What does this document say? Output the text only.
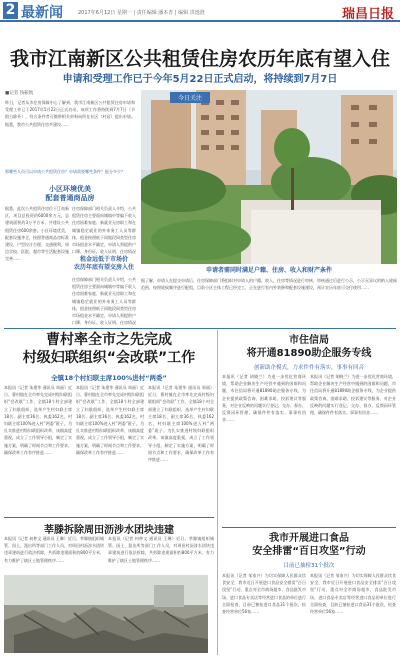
2 最新闻	2017年6月12日 星期一 | 责任编辑 潘本青 | 编辑 洪逸澄	瑞昌日报
我市江南新区公共租赁住房农历年底有望入住
申请和受理工作已于今年5月22日正式启动，将持续到7月7日
■记者 钱振航
昨日，记者从市住房保障中心了解到，我市江南新区公共租赁住房申请和受理工作已于2017年5月22日正式启动，该项工作将持续到7月7日（节假日除外），符合条件者可携带相关材料向所在社区（村居）提出申请。据悉，我市公共租赁住房共建设……
那哪些人员可以申请公共租赁住房？申请需要哪些条件？能分多少？
小区环境优美
配套普通商品房
据悉，此次公共租赁住房位于江南新区，项目总投资约6000余万元，总建筑面积约3万平方米，共建设公共租赁住房600余套。小区环境优美，配套设施齐全，按照普通商品房标准建设，户型设计合理，交通便利，周边学校、医院、超市等生活配套设施完善……
住房保障部门相关负责人介绍，公共租赁住房主要面向城镇中等偏下收入住房困难家庭、新就业无房职工和在城镇稳定就业的外来务工人员等群体，租金按照低于同地段同类型住房市场租金水平确定，申请人须提供户口簿、身份证、收入证明、住房情况
租金远低于市场价
农历年底有望交房入住
住房保障部门相关负责人介绍，公共租赁住房主要面向城镇中等偏下收入住房困难家庭、新就业无房职工和在城镇稳定就业的外来务工人员等群体，租金按照低于同地段同类型住房市场租金水平确定，申请人须提供户口簿、身份证、收入证明、住房情况
据了解，申请人在提交申请后，住房保障部门将组织对申请人的户籍、收入、住房等情况进行审核，审核通过后进行公示，公示无异议的纳入轮候范围，按照轮候顺序进行配租，目前小区主体工程已经完工，正在进行室内外装修和配套设施建设，预计农历年底可交付使用……
今日关注
申请者需同时满足户籍、住房、收入和财产条件
曹村率全市之先完成
村级妇联组织“会改联”工作
全镇18个村妇联主席100%进村“两委”
本报讯（记者 朱建华 通讯员 周丽）近日，曹村镇在全市率先完成村级妇联组织“会改联”工作，全镇18个村全部建立了妇联组织，选举产生村妇联主席18名、副主席36名、执委162名，村妇联主席100%进入村“两委”班子。为扎实推进村级妇联组织改革，该镇高度重视，成立了工作领导小组，制定了实施方案，明确了时间节点和工作要求，确保改革工作有序推进……
本报讯（记者 朱建华 通讯员 周丽）近日，曹村镇在全市率先完成村级妇联组织“会改联”工作，全镇18个村全部建立了妇联组织，选举产生村妇联主席18名、副主席36名、执委162名，村妇联主席100%进入村“两委”班子。为扎实推进村级妇联组织改革，该镇高度重视，成立了工作领导小组，制定了实施方案，明确了时间节点和工作要求，确保改革工作有序推进……
本报讯（记者 朱建华 通讯员 周丽）近日，曹村镇在全市率先完成村级妇联组织“会改联”工作，全镇18个村全部建立了妇联组织，选举产生村妇联主席18名、副主席36名、执委162名，村妇联主席100%进入村“两委”班子。为扎实推进村级妇联组织改革，该镇高度重视，成立了工作领导小组，制定了实施方案，明确了时间节点和工作要求，确保改革工作有序推进……
莘滕拆除周田沥涉水团块违建
本报讯（记者 何仲文 通讯员 王琳）近日，莘滕镇组织城管、国土、派出所等部门工作人员，对周田村沥涉水团块违章建筑进行依法拆除，共拆除违建面积约800平方米，有力维护了辖区土地管理秩序……
本报讯（记者 何仲文 通讯员 王琳）近日，莘滕镇组织城管、国土、派出所等部门工作人员，对周田村沥涉水团块违章建筑进行依法拆除，共拆除违建面积约800平方米，有力维护了辖区土地管理秩序……
市住信局
将开通81890助企服务专线
创新助企模式，力求件件有落实，事事有回音
本报讯（记者 胡晓兰）为进一步优化营商环境，帮助企业解决生产经营中遇到的困难和问题，市住信局将开通81890助企服务专线，为企业提供政策咨询、困难求助、投诉建议等服务，对企业反映的问题实行登记、交办、督办、反馈闭环管理，确保件件有落实、事事有回音……
本报讯（记者 胡晓兰）为进一步优化营商环境，帮助企业解决生产经营中遇到的困难和问题，市住信局将开通81890助企服务专线，为企业提供政策咨询、困难求助、投诉建议等服务，对企业反映的问题实行登记、交办、督办、反馈闭环管理，确保件件有落实、事事有回音……
我市开展进口食品
安全排雷“百日攻坚”行动
目前已抽检31个批次
本报讯（记者 邹家兴）为切实保障人民群众饮食安全，我市近日开展进口食品安全排雷“百日攻坚”行动，重点对全市商场超市、食品批发市场、进口食品专卖店等经营进口食品的单位进行全面检查，目前已抽检进口食品31个批次，检查经营单位56家……
本报讯（记者 邹家兴）为切实保障人民群众饮食安全，我市近日开展进口食品安全排雷“百日攻坚”行动，重点对全市商场超市、食品批发市场、进口食品专卖店等经营进口食品的单位进行全面检查，目前已抽检进口食品31个批次，检查经营单位56家……
